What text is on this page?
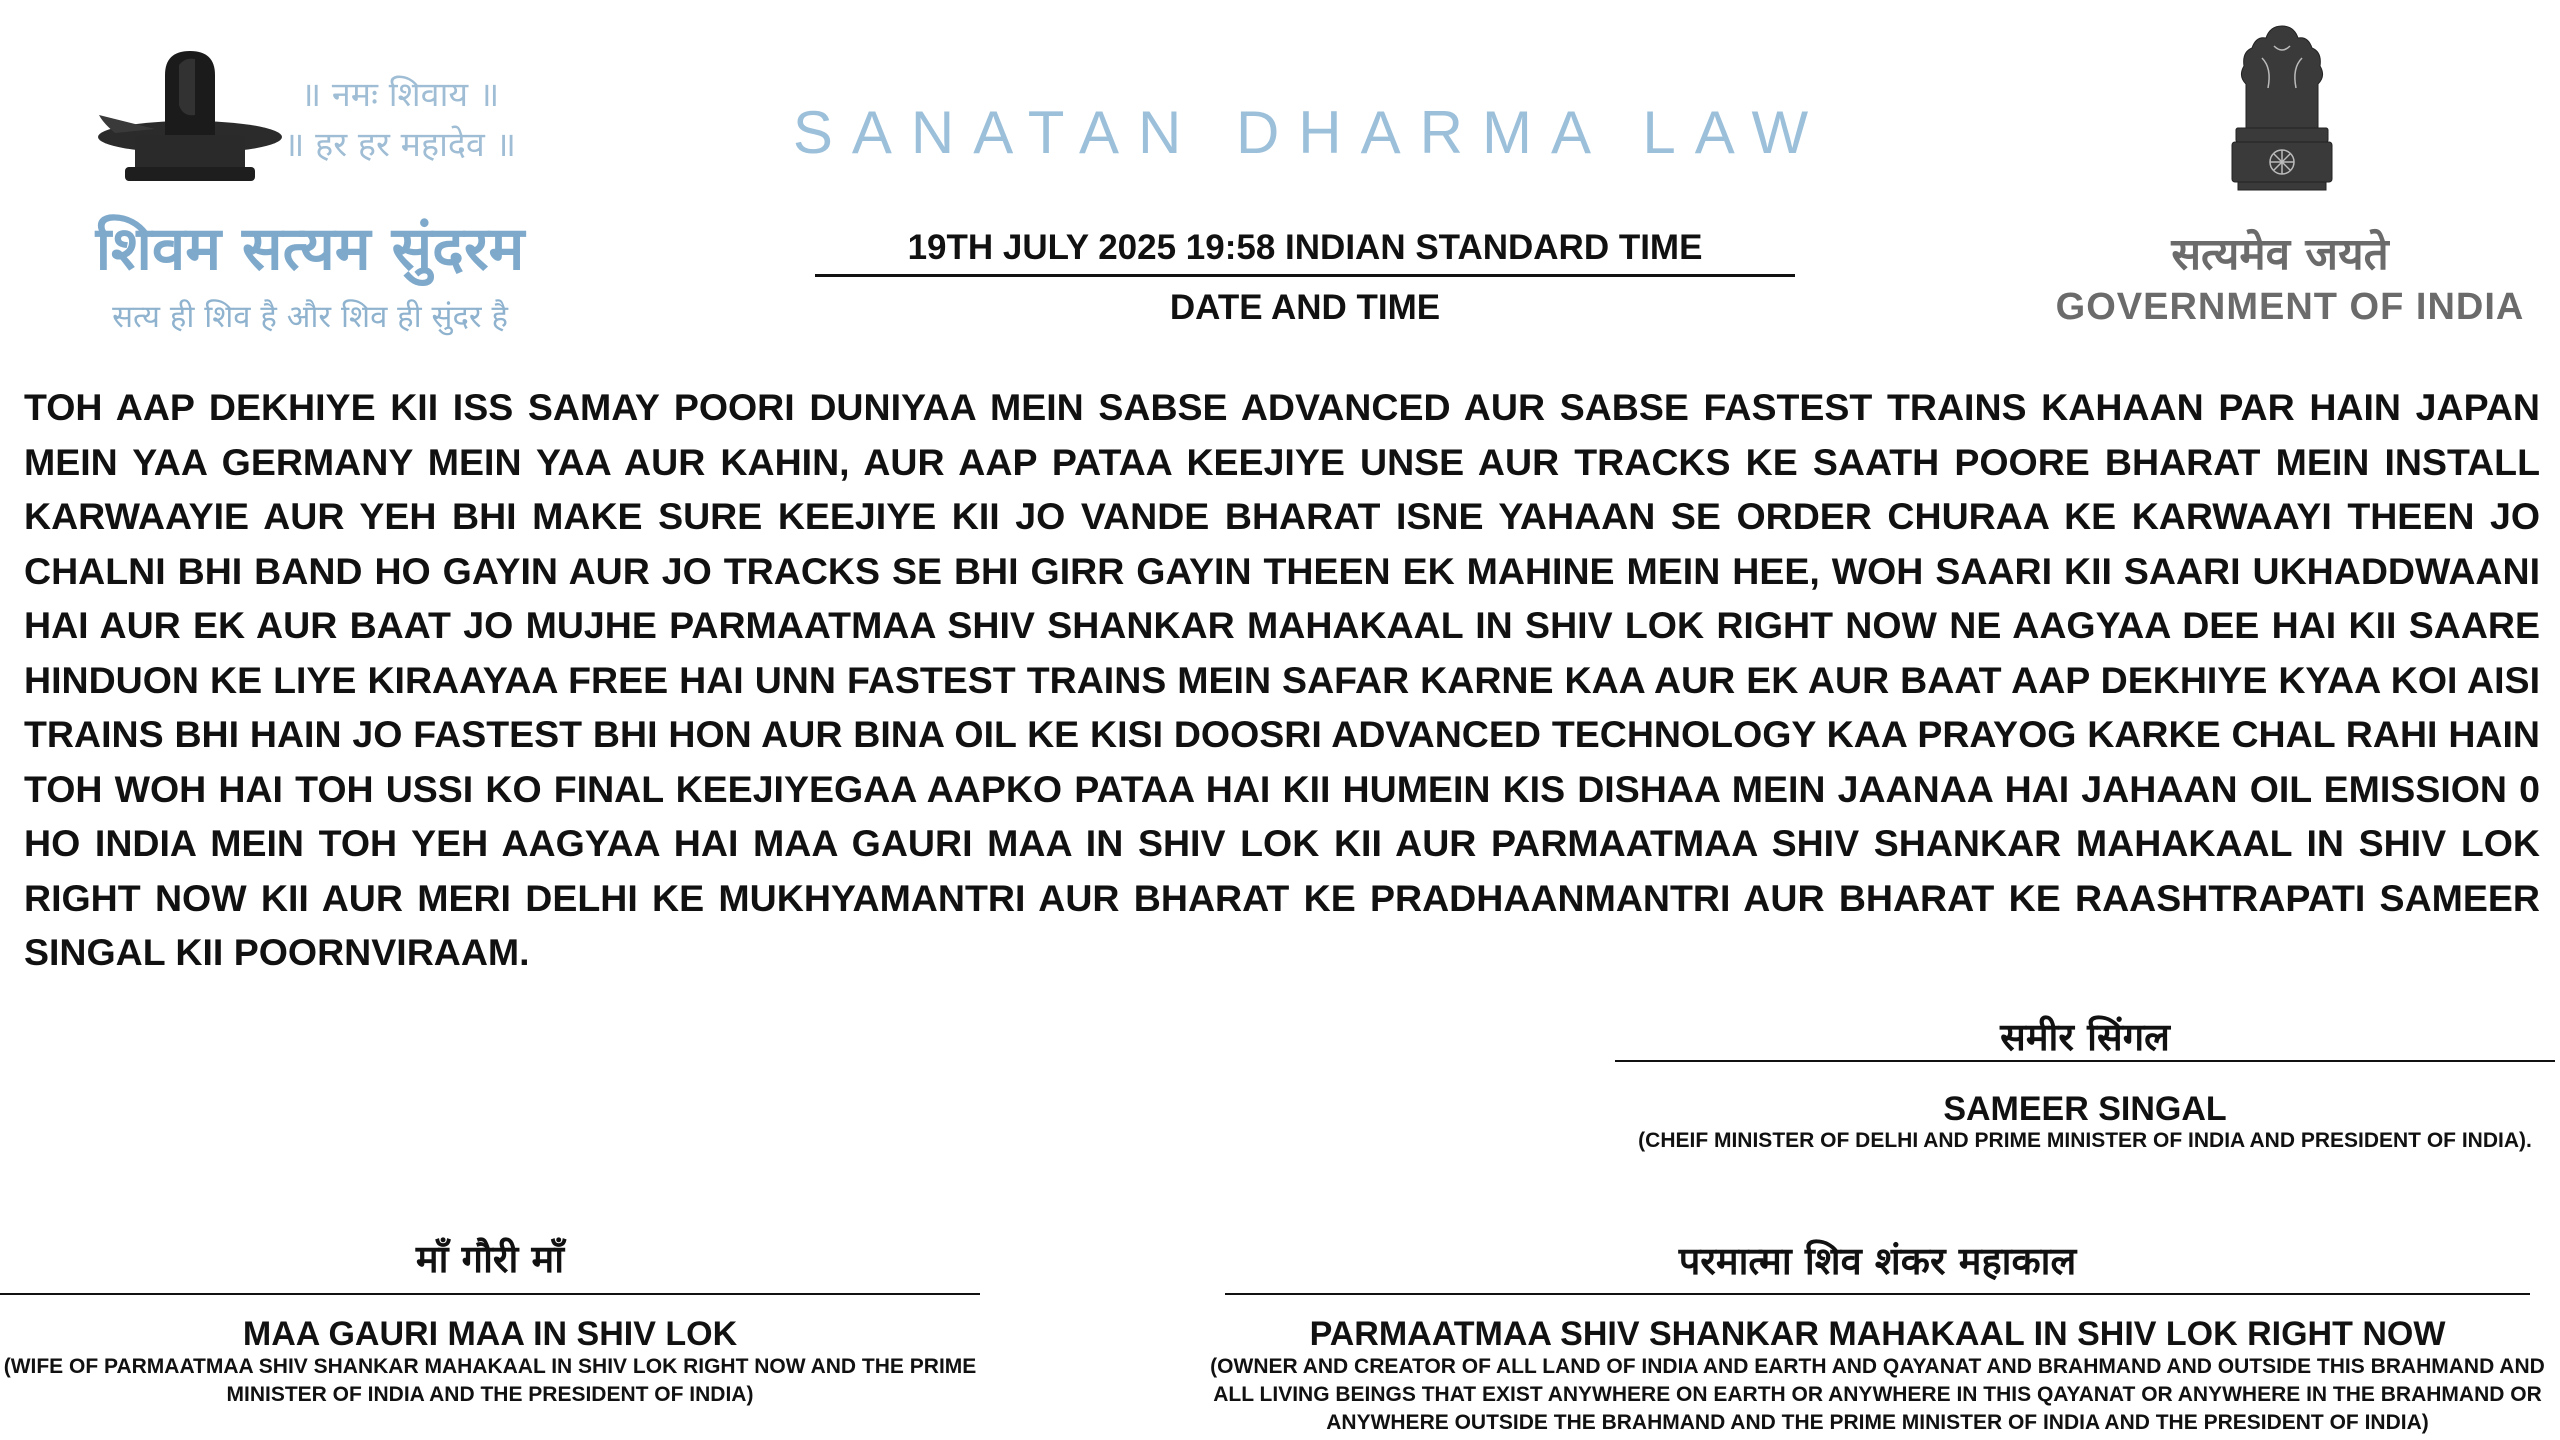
॥ नमः शिवाय ॥
॥ हर हर महादेव ॥
शिवम सत्यम सुंदरम
सत्य ही शिव है और शिव ही सुंदर है
SANATAN DHARMA LAW
19TH JULY 2025 19:58 INDIAN STANDARD TIME
DATE AND TIME
सत्यमेव जयते
GOVERNMENT OF INDIA
TOH AAP DEKHIYE KII ISS SAMAY POORI DUNIYAA MEIN SABSE ADVANCED AUR SABSE FASTEST TRAINS KAHAAN PAR HAIN JAPAN MEIN YAA GERMANY MEIN YAA AUR KAHIN, AUR AAP PATAA KEEJIYE UNSE AUR TRACKS KE SAATH POORE BHARAT MEIN INSTALL KARWAAYIE AUR YEH BHI MAKE SURE KEEJIYE KII JO VANDE BHARAT ISNE YAHAAN SE ORDER CHURAA KE KARWAAYI THEEN JO CHALNI BHI BAND HO GAYIN AUR JO TRACKS SE BHI GIRR GAYIN THEEN EK MAHINE MEIN HEE, WOH SAARI KII SAARI UKHADDWAANI HAI AUR EK AUR BAAT JO MUJHE PARMAATMAA SHIV SHANKAR MAHAKAAL IN SHIV LOK RIGHT NOW NE AAGYAA DEE HAI KII SAARE HINDUON KE LIYE KIRAAYAA FREE HAI UNN FASTEST TRAINS MEIN SAFAR KARNE KAA AUR EK AUR BAAT AAP DEKHIYE KYAA KOI AISI TRAINS BHI HAIN JO FASTEST BHI HON AUR BINA OIL KE KISI DOOSRI ADVANCED TECHNOLOGY KAA PRAYOG KARKE CHAL RAHI HAIN TOH WOH HAI TOH USSI KO FINAL KEEJIYEGAA AAPKO PATAA HAI KII HUMEIN KIS DISHAA MEIN JAANAA HAI JAHAAN OIL EMISSION 0 HO INDIA MEIN TOH YEH AAGYAA HAI MAA GAURI MAA IN SHIV LOK KII AUR PARMAATMAA SHIV SHANKAR MAHAKAAL IN SHIV LOK RIGHT NOW KII AUR MERI DELHI KE MUKHYAMANTRI AUR BHARAT KE PRADHAANMANTRI AUR BHARAT KE RAASHTRAPATI SAMEER SINGAL KII POORNVIRAAM.
समीर सिंगल
SAMEER SINGAL
(CHEIF MINISTER OF DELHI AND PRIME MINISTER OF INDIA AND PRESIDENT OF INDIA).
माँ गौरी माँ
MAA GAURI MAA IN SHIV LOK
(WIFE OF PARMAATMAA SHIV SHANKAR MAHAKAAL IN SHIV LOK RIGHT NOW AND THE PRIME MINISTER OF INDIA AND THE PRESIDENT OF INDIA)
परमात्मा शिव शंकर महाकाल
PARMAATMAA SHIV SHANKAR MAHAKAAL IN SHIV LOK RIGHT NOW
(OWNER AND CREATOR OF ALL LAND OF INDIA AND EARTH AND QAYANAT AND BRAHMAND AND OUTSIDE THIS BRAHMAND AND ALL LIVING BEINGS THAT EXIST ANYWHERE ON EARTH OR ANYWHERE IN THIS QAYANAT OR ANYWHERE IN THE BRAHMAND OR ANYWHERE OUTSIDE THE BRAHMAND AND THE PRIME MINISTER OF INDIA AND THE PRESIDENT OF INDIA)
